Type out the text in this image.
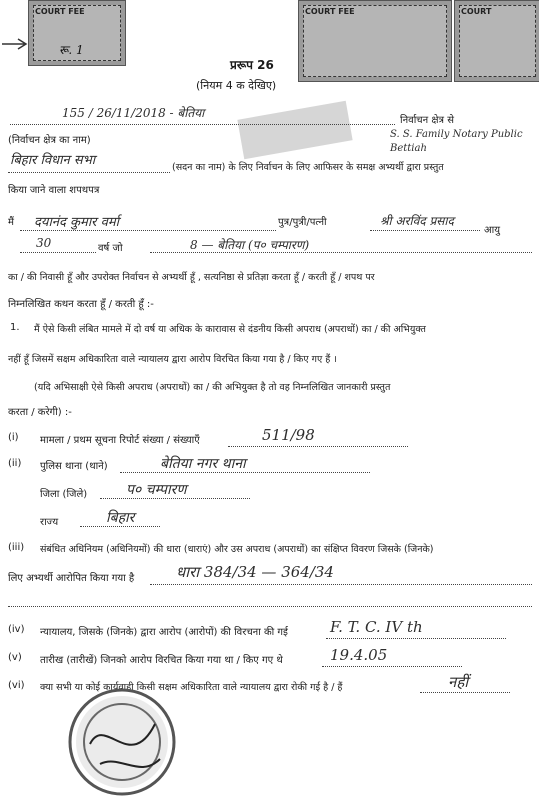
COURT FEE
रू. 1
COURT FEE	COURT
प्ररूप 26
(नियम 4 क देखिए)
155 / 26/11/2018 - बेतिया
निर्वाचन क्षेत्र से
(निर्वाचन क्षेत्र का नाम)
S. S. Family Notary Public Bettiah
बिहार विधान सभा	(सदन का नाम) के लिए निर्वाचन के लिए आफिसर के समक्ष अभ्यर्थी द्वारा प्रस्तुत
किया जाने वाला शपथपत्र
मैं दयानंद कुमार वर्मा	पुत्र/पुत्री/पत्नी	श्री अरविंद प्रसाद
आयु
30	वर्ष जो	8 — बेतिया (प० चम्पारण)
का / की निवासी हूँ और उपरोक्त निर्वाचन से अभ्यर्थी हूँ , सत्यनिष्ठा से प्रतिज्ञा करता हूँ / करती हूँ / शपथ पर
निम्नलिखित कथन करता हूँ / करती हूँ :-
1. मैं ऐसे किसी लंबित मामले में दो वर्ष या अधिक के कारावास से दंडनीय किसी अपराध (अपराधों) का / की अभियुक्त
नहीं हूँ जिसमें सक्षम अधिकारिता वाले न्यायालय द्वारा आरोप विरचित किया गया है / किए गए हैं ।
(यदि अभिसाक्षी ऐसे किसी अपराध (अपराधों) का / की अभियुक्त है तो वह निम्नलिखित जानकारी प्रस्तुत
करता / करेगी) :-
(i) मामला / प्रथम सूचना रिपोर्ट संख्या / संख्याएँ	511/98
(ii) पुलिस थाना (थाने)	बेतिया नगर थाना
जिला (जिले)	प० चम्पारण
राज्य	बिहार
(iii) संबंधित अधिनियम (अधिनियमों) की धारा (धाराएं) और उस अपराध (अपराधों) का संक्षिप्त विवरण जिसके (जिनके)
लिए अभ्यर्थी आरोपित किया गया है	धारा 384/34 — 364/34
(iv) न्यायालय, जिसके (जिनके) द्वारा आरोप (आरोपों) की विरचना की गई	F. T. C. IV th
(v) तारीख (तारीखें) जिनको आरोप विरचित किया गया था / किए गए थे	19.4.05
(vi) क्या सभी या कोई कार्यवाही किसी सक्षम अधिकारिता वाले न्यायालय द्वारा रोकी गई है / हैं	नहीं
